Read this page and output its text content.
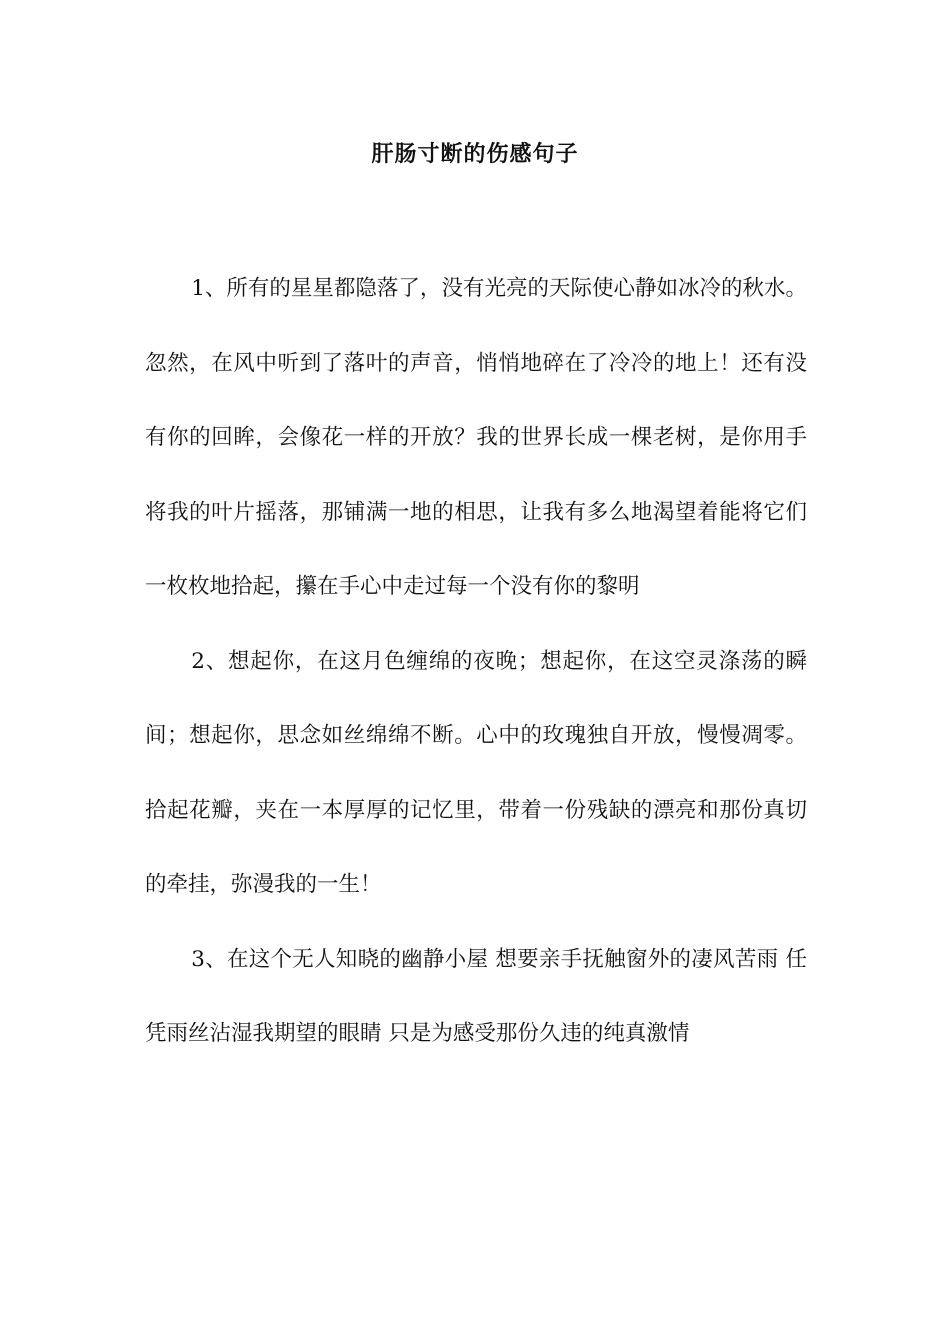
肝肠寸断的伤感句子

1、所有的星星都隐落了，没有光亮的天际使心静如冰冷的秋水。忽然，在风中听到了落叶的声音，悄悄地碎在了冷冷的地上！还有没有你的回眸，会像花一样的开放？我的世界长成一棵老树，是你用手将我的叶片摇落，那铺满一地的相思，让我有多么地渴望着能将它们一枚枚地拾起，攥在手心中走过每一个没有你的黎明

2、想起你，在这月色缠绵的夜晚；想起你，在这空灵涤荡的瞬间；想起你，思念如丝绵绵不断。心中的玫瑰独自开放，慢慢凋零。拾起花瓣，夹在一本厚厚的记忆里，带着一份残缺的漂亮和那份真切的牵挂，弥漫我的一生！

3、在这个无人知晓的幽静小屋 想要亲手抚触窗外的凄风苦雨 任凭雨丝沾湿我期望的眼睛 只是为感受那份久违的纯真激情
